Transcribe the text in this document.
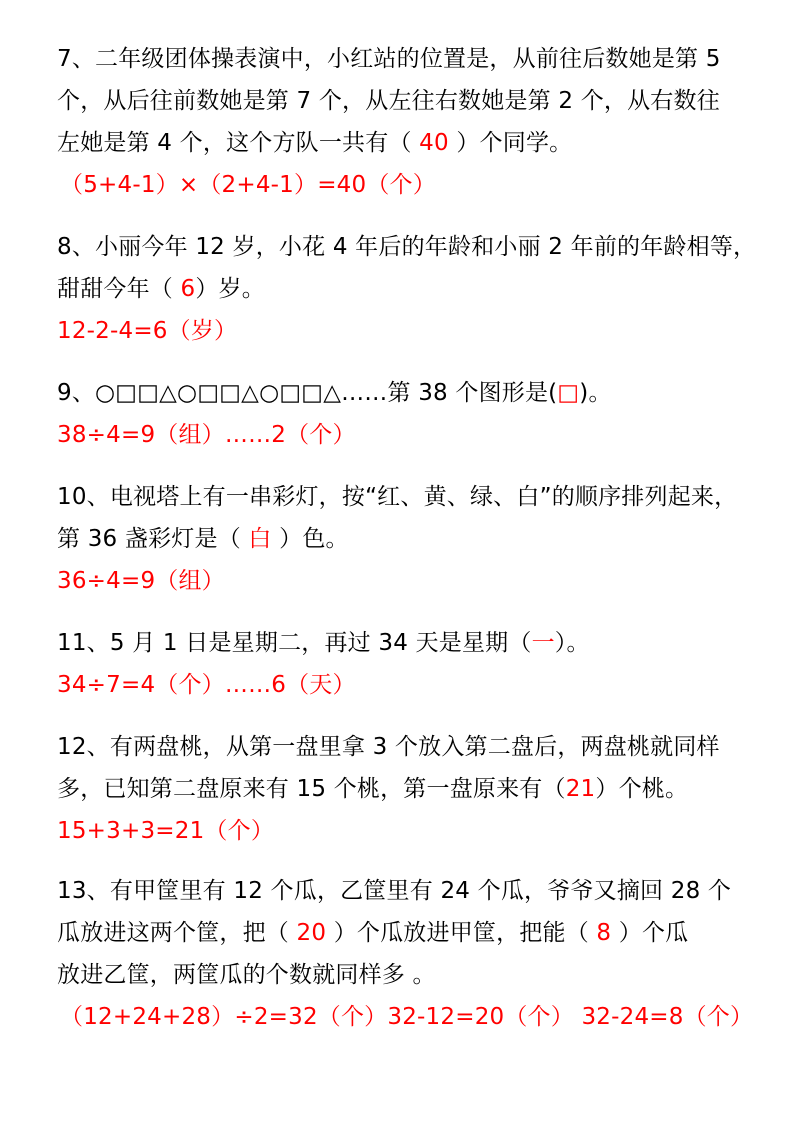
7、二年级团体操表演中，小红站的位置是，从前往后数她是第 5
个，从后往前数她是第 7 个，从左往右数她是第 2 个，从右数往
左她是第 4 个，这个方队一共有（ 40 ）个同学。
（5+4-1）×（2+4-1）=40（个）
8、小丽今年 12 岁，小花 4 年后的年龄和小丽 2 年前的年龄相等，
甜甜今年（ 6）岁。
12-2-4=6（岁）
9、○□□△○□□△○□□△……第 38 个图形是(□)。
38÷4=9（组）……2（个）
10、电视塔上有一串彩灯，按“红、黄、绿、白”的顺序排列起来，
第 36 盏彩灯是（ 白 ）色。
36÷4=9（组）
11、5 月 1 日是星期二，再过 34 天是星期（一）。
34÷7=4（个）……6（天）
12、有两盘桃，从第一盘里拿 3 个放入第二盘后，两盘桃就同样
多，已知第二盘原来有 15 个桃，第一盘原来有（21）个桃。
15+3+3=21（个）
13、有甲筐里有 12 个瓜，乙筐里有 24 个瓜，爷爷又摘回 28 个
瓜放进这两个筐，把（ 20 ）个瓜放进甲筐，把能（ 8 ）个瓜
放进乙筐，两筐瓜的个数就同样多 。
（12+24+28）÷2=32（个）32-12=20（个） 32-24=8（个）
